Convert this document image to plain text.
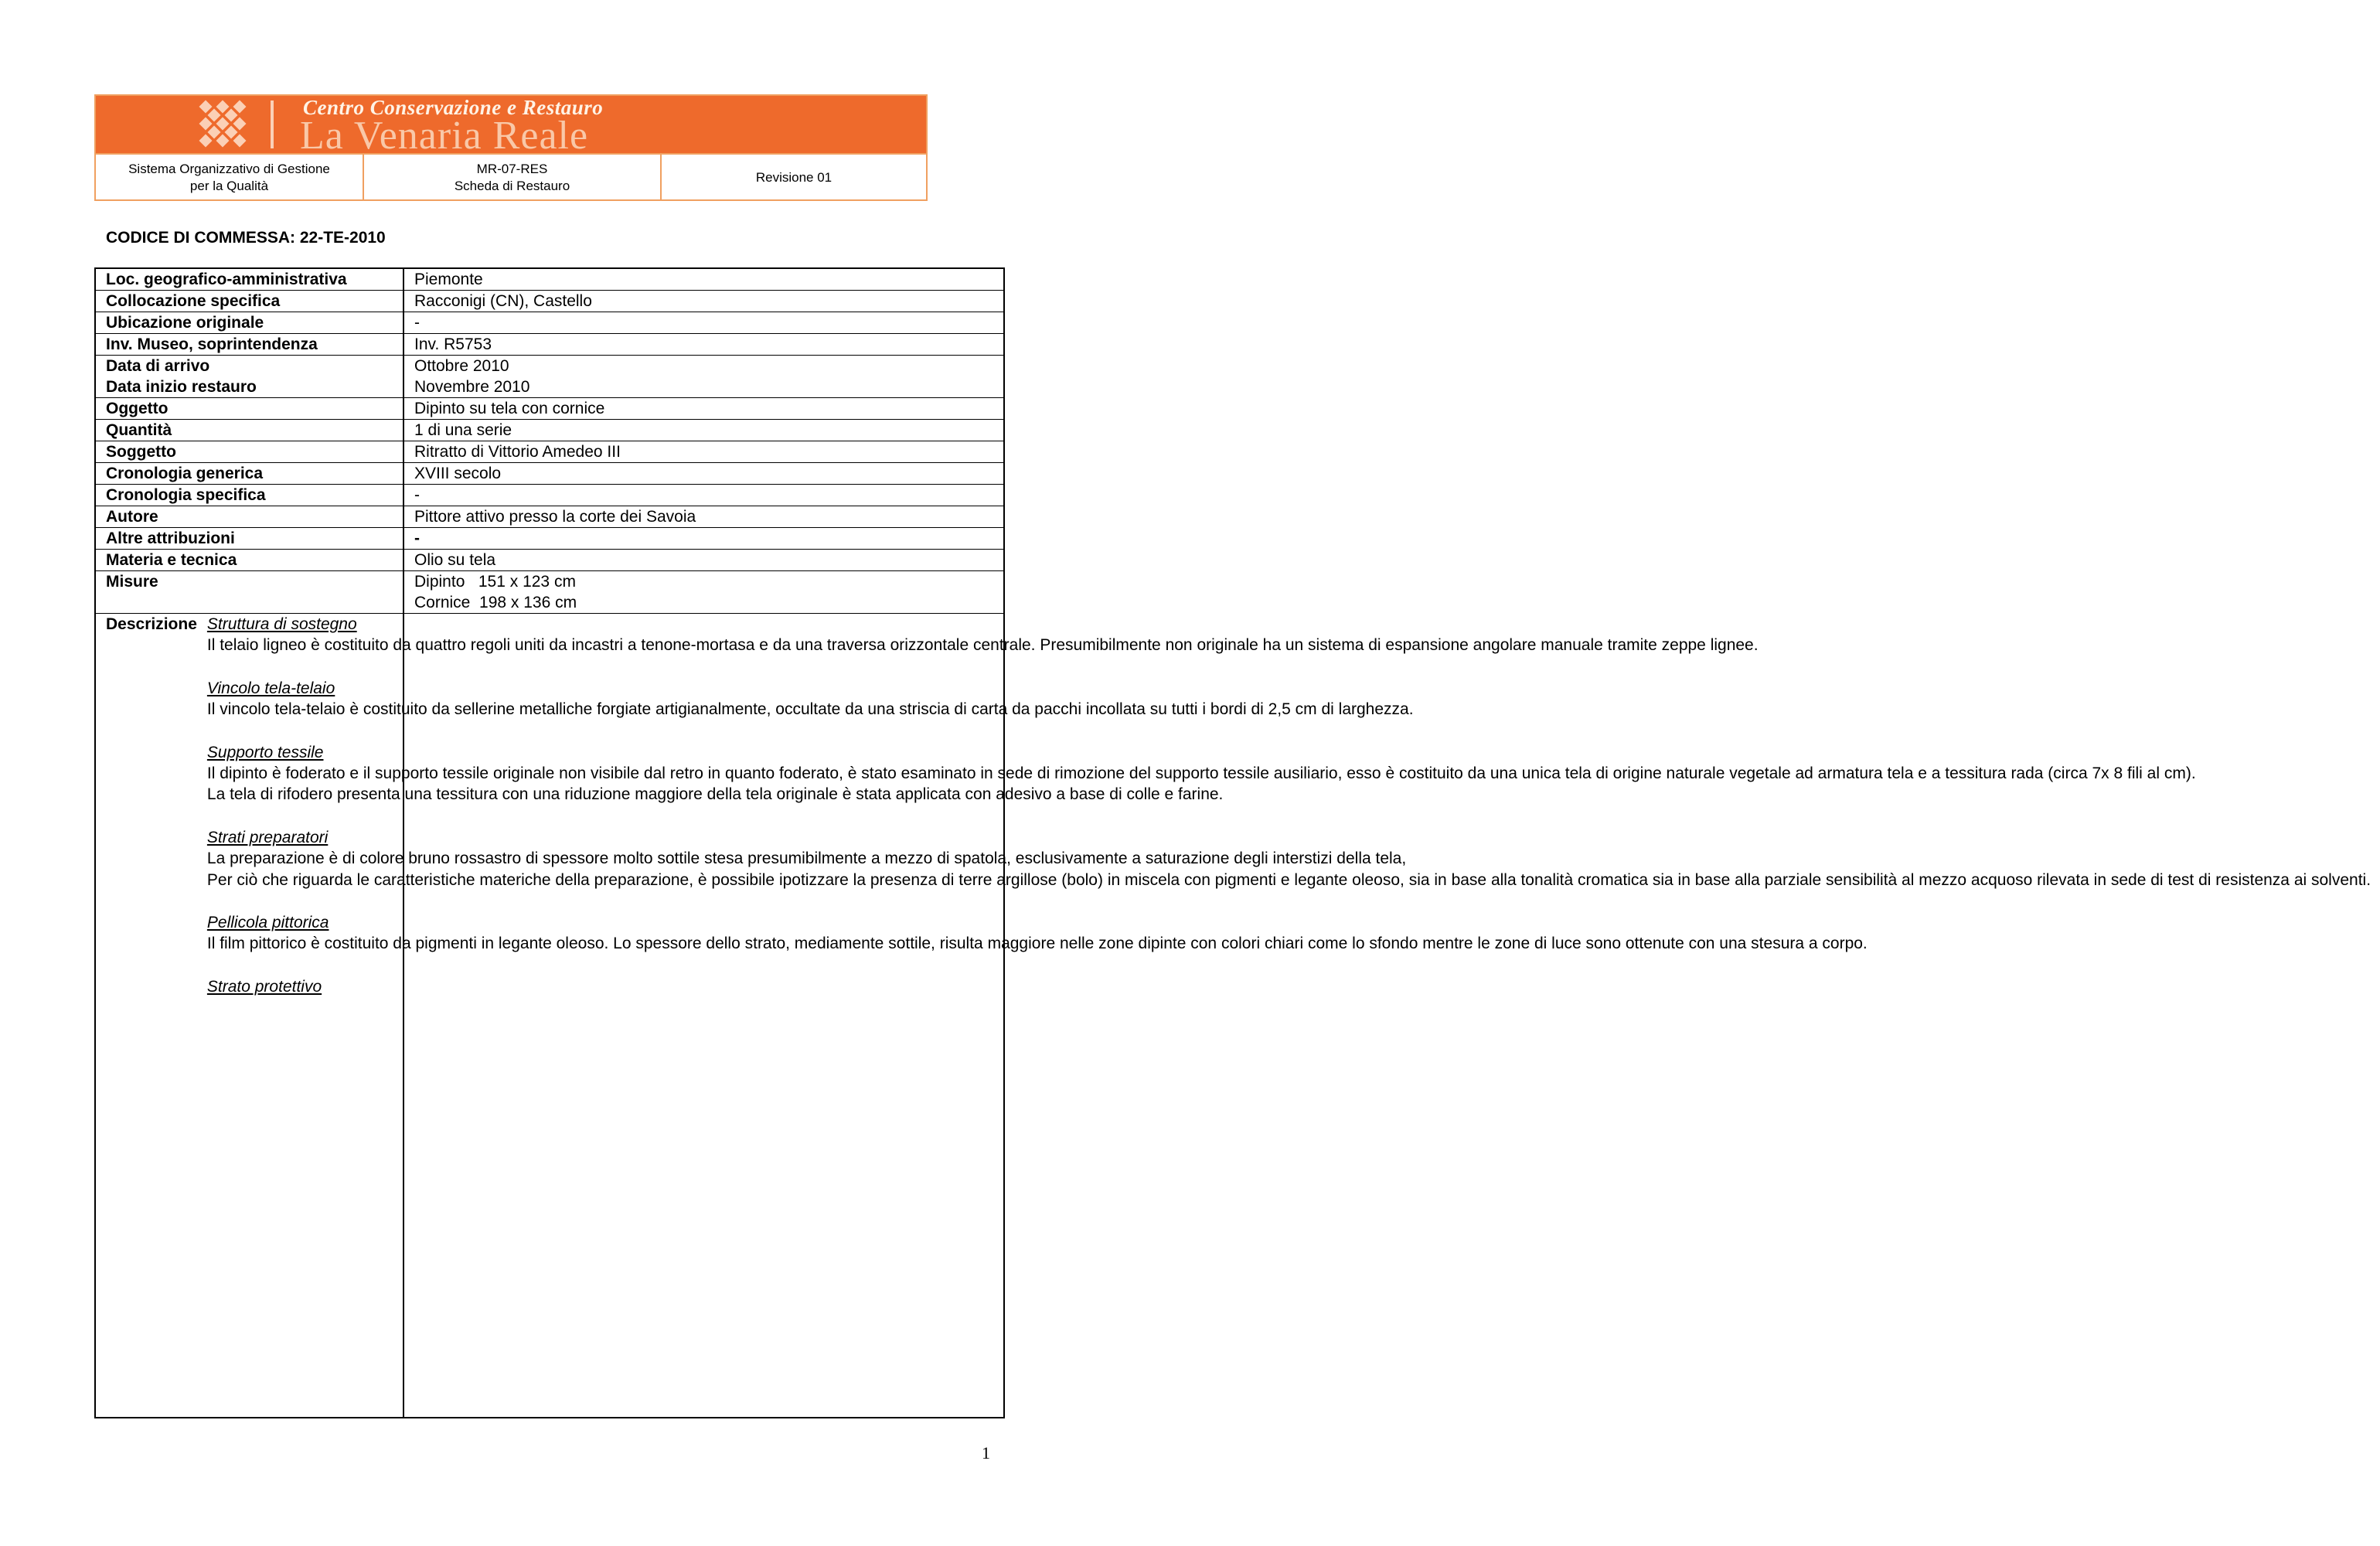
Centro Conservazione e Restauro
La Venaria Reale
Sistema Organizzativo di Gestione
per la Qualità
MR-07-RES
Scheda di Restauro
Revisione 01
CODICE DI COMMESSA: 22-TE-2010
Loc. geografico-amministrativa	Piemonte
Collocazione specifica	Racconigi (CN), Castello
Ubicazione originale	-
Inv. Museo, soprintendenza	Inv. R5753
Data di arrivo	Ottobre 2010
Data inizio restauro	Novembre 2010
Oggetto	Dipinto su tela con cornice
Quantità	1 di una serie
Soggetto	Ritratto di Vittorio Amedeo III
Cronologia generica	XVIII secolo
Cronologia specifica	-
Autore	Pittore attivo presso la corte dei Savoia
Altre attribuzioni	-
Materia e tecnica	Olio su tela
Misure	Dipinto   151 x 123 cm
Cornice  198 x 136 cm
Descrizione Struttura di sostegno
Il telaio ligneo è costituito da quattro regoli uniti da incastri a tenone-mortasa e da una traversa orizzontale centrale. Presumibilmente non originale ha un sistema di espansione angolare manuale tramite zeppe lignee.
Vincolo tela-telaio
Il vincolo tela-telaio è costituito da sellerine metalliche forgiate artigianalmente, occultate da una striscia di carta da pacchi incollata su tutti i bordi di 2,5 cm di larghezza.
Supporto tessile
Il dipinto è foderato e il supporto tessile originale non visibile dal retro in quanto foderato, è stato esaminato in sede di rimozione del supporto tessile ausiliario, esso è costituito da una unica tela di origine naturale vegetale ad armatura tela e a tessitura rada (circa 7x 8 fili al cm).
La tela di rifodero presenta una tessitura con una riduzione maggiore della tela originale è stata applicata con adesivo a base di colle e farine.
Strati preparatori
La preparazione è di colore bruno rossastro di spessore molto sottile stesa presumibilmente a mezzo di spatola, esclusivamente a saturazione degli interstizi della tela,
Per ciò che riguarda le caratteristiche materiche della preparazione, è possibile ipotizzare la presenza di terre argillose (bolo) in miscela con pigmenti e legante oleoso, sia in base alla tonalità cromatica sia in base alla parziale sensibilità al mezzo acquoso rilevata in sede di test di resistenza ai solventi.
Pellicola pittorica
Il film pittorico è costituito da pigmenti in legante oleoso. Lo spessore dello strato, mediamente sottile, risulta maggiore nelle zone dipinte con colori chiari come lo sfondo mentre le zone di luce sono ottenute con una stesura a corpo.
Strato protettivo
1
